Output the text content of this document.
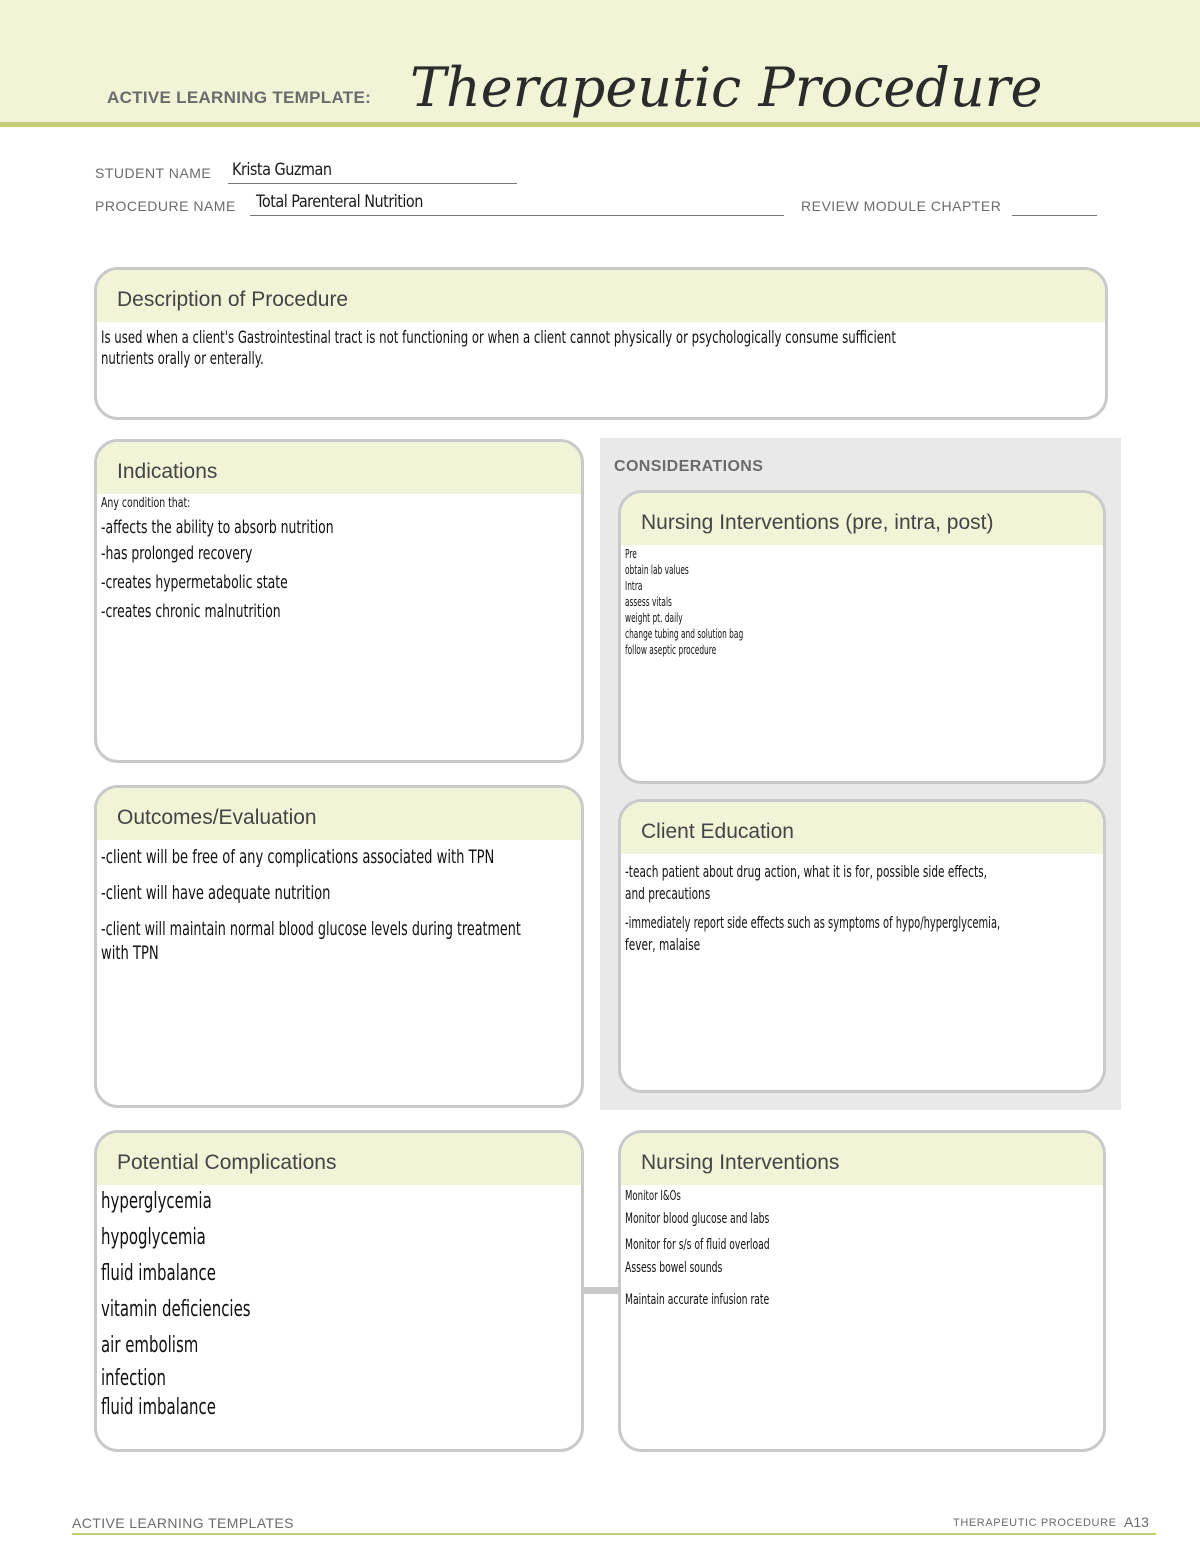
ACTIVE LEARNING TEMPLATE: Therapeutic Procedure
STUDENT NAME Krista Guzman
PROCEDURE NAME Total Parenteral Nutrition	REVIEW MODULE CHAPTER
CONSIDERATIONS
Description of Procedure
Is used when a client's Gastrointestinal tract is not functioning or when a client cannot physically or psychologically consume sufficient
nutrients orally or enterally.
Indications
Any condition that:
-affects the ability to absorb nutrition
-has prolonged recovery
-creates hypermetabolic state
-creates chronic malnutrition
Nursing Interventions (pre, intra, post)
Pre
obtain lab values
Intra
assess vitals
weight pt. daily
change tubing and solution bag
follow aseptic procedure
Outcomes/Evaluation
-client will be free of any complications associated with TPN
-client will have adequate nutrition
-client will maintain normal blood glucose levels during treatment
with TPN
Client Education
-teach patient about drug action, what it is for, possible side effects,
and precautions
-immediately report side effects such as symptoms of hypo/hyperglycemia,
fever, malaise
Potential Complications
hyperglycemia
hypoglycemia
fluid imbalance
vitamin deficiencies
air embolism
infection
fluid imbalance
Nursing Interventions
Monitor I&Os
Monitor blood glucose and labs
Monitor for s/s of fluid overload
Assess bowel sounds
Maintain accurate infusion rate
ACTIVE LEARNING TEMPLATES	THERAPEUTIC PROCEDURE A13
